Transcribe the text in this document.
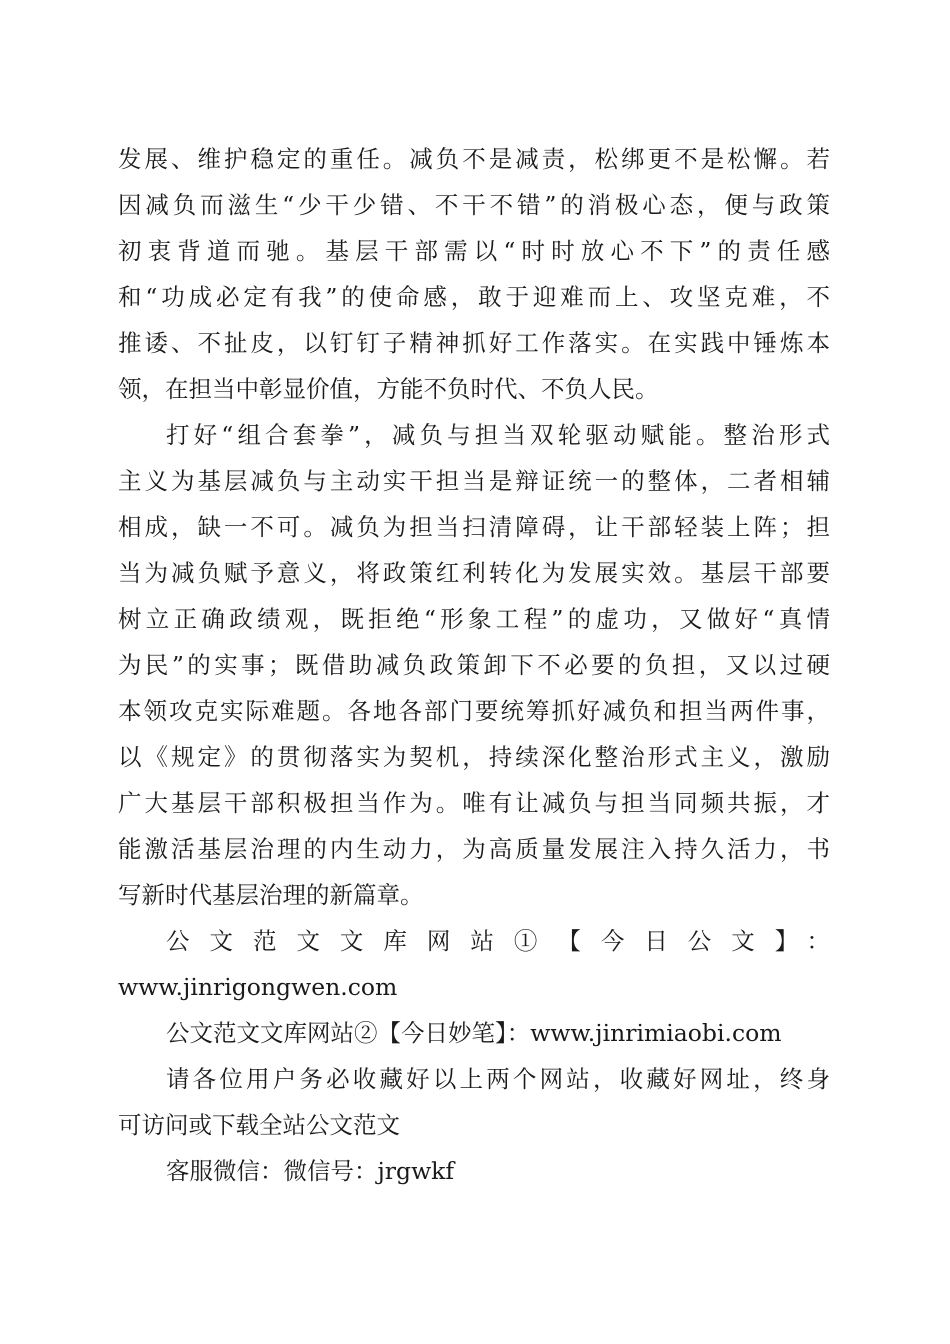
发展、维护稳定的重任。减负不是减责，松绑更不是松懈。若
因减负而滋生“少干少错、不干不错”的消极心态，便与政策
初衷背道而驰。基层干部需以“时时放心不下”的责任感
和“功成必定有我”的使命感，敢于迎难而上、攻坚克难，不
推诿、不扯皮，以钉钉子精神抓好工作落实。在实践中锤炼本
领，在担当中彰显价值，方能不负时代、不负人民。
打好“组合套拳”，减负与担当双轮驱动赋能。整治形式
主义为基层减负与主动实干担当是辩证统一的整体，二者相辅
相成，缺一不可。减负为担当扫清障碍，让干部轻装上阵；担
当为减负赋予意义，将政策红利转化为发展实效。基层干部要
树立正确政绩观，既拒绝“形象工程”的虚功，又做好“真情
为民”的实事；既借助减负政策卸下不必要的负担，又以过硬
本领攻克实际难题。各地各部门要统筹抓好减负和担当两件事，
以《规定》的贯彻落实为契机，持续深化整治形式主义，激励
广大基层干部积极担当作为。唯有让减负与担当同频共振，才
能激活基层治理的内生动力，为高质量发展注入持久活力，书
写新时代基层治理的新篇章。
公文范文文库网站①【今日公文】：
www.jinrigongwen.com
公文范文文库网站②【今日妙笔】：www.jinrimiaobi.com
请各位用户务必收藏好以上两个网站，收藏好网址，终身
可访问或下载全站公文范文
客服微信：微信号：jrgwkf
